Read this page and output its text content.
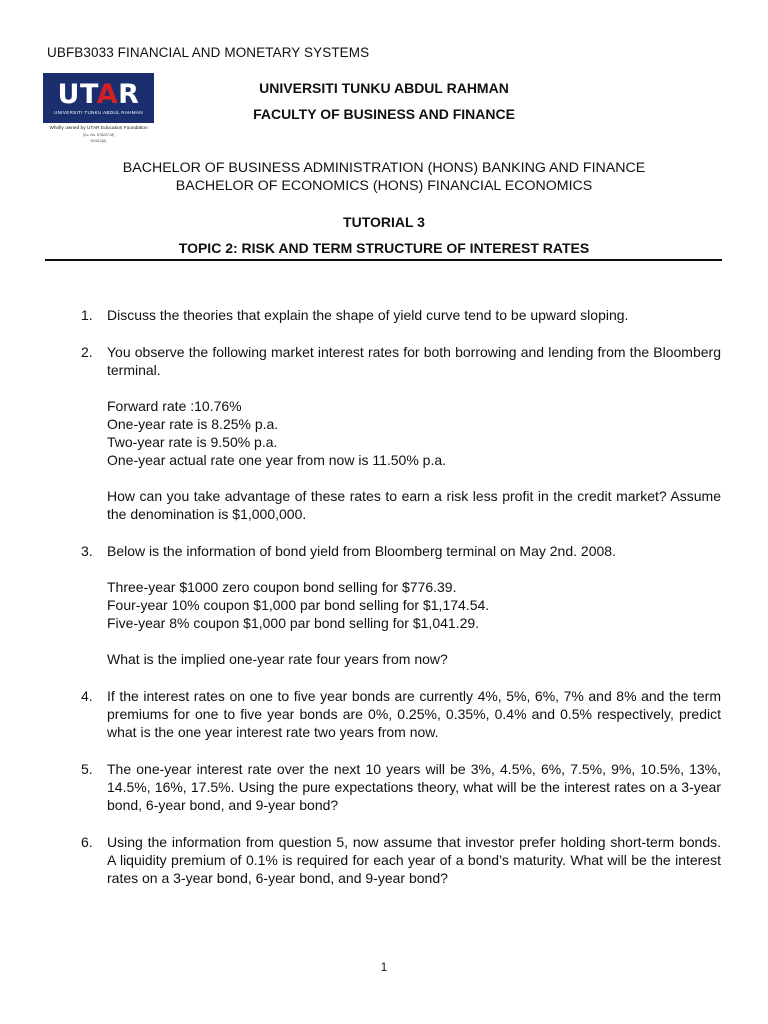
UBFB3033 FINANCIAL AND MONETARY SYSTEMS
UTAR
UNIVERSITI TUNKU ABDUL RAHMAN
Wholly owned by UTAR Education Foundation
(Co. No. 578227-M)
DU012(A)
UNIVERSITI TUNKU ABDUL RAHMAN
FACULTY OF BUSINESS AND FINANCE
BACHELOR OF BUSINESS ADMINISTRATION (HONS) BANKING AND FINANCE
BACHELOR OF ECONOMICS (HONS) FINANCIAL ECONOMICS
TUTORIAL 3
TOPIC 2: RISK AND TERM STRUCTURE OF INTEREST RATES
1. Discuss the theories that explain the shape of yield curve tend to be upward sloping.

2. You observe the following market interest rates for both borrowing and lending from the Bloomberg terminal.

Forward rate :10.76%

One-year rate is 8.25% p.a.

Two-year rate is 9.50% p.a.

One-year actual rate one year from now is 11.50% p.a.

How can you take advantage of these rates to earn a risk less profit in the credit market? Assume the denomination is $1,000,000.

3. Below is the information of bond yield from Bloomberg terminal on May 2nd. 2008.

Three-year $1000 zero coupon bond selling for $776.39.

Four-year 10% coupon $1,000 par bond selling for $1,174.54.

Five-year 8% coupon $1,000 par bond selling for $1,041.29.

What is the implied one-year rate four years from now?

4. If the interest rates on one to five year bonds are currently 4%, 5%, 6%, 7% and 8% and the term premiums for one to five year bonds are 0%, 0.25%, 0.35%, 0.4% and 0.5% respectively, predict what is the one year interest rate two years from now.

5. The one-year interest rate over the next 10 years will be 3%, 4.5%, 6%, 7.5%, 9%, 10.5%, 13%, 14.5%, 16%, 17.5%. Using the pure expectations theory, what will be the interest rates on a 3-year bond, 6-year bond, and 9-year bond?

6. Using the information from question 5, now assume that investor prefer holding short-term bonds. A liquidity premium of 0.1% is required for each year of a bond’s maturity. What will be the interest rates on a 3-year bond, 6-year bond, and 9-year bond?

1
